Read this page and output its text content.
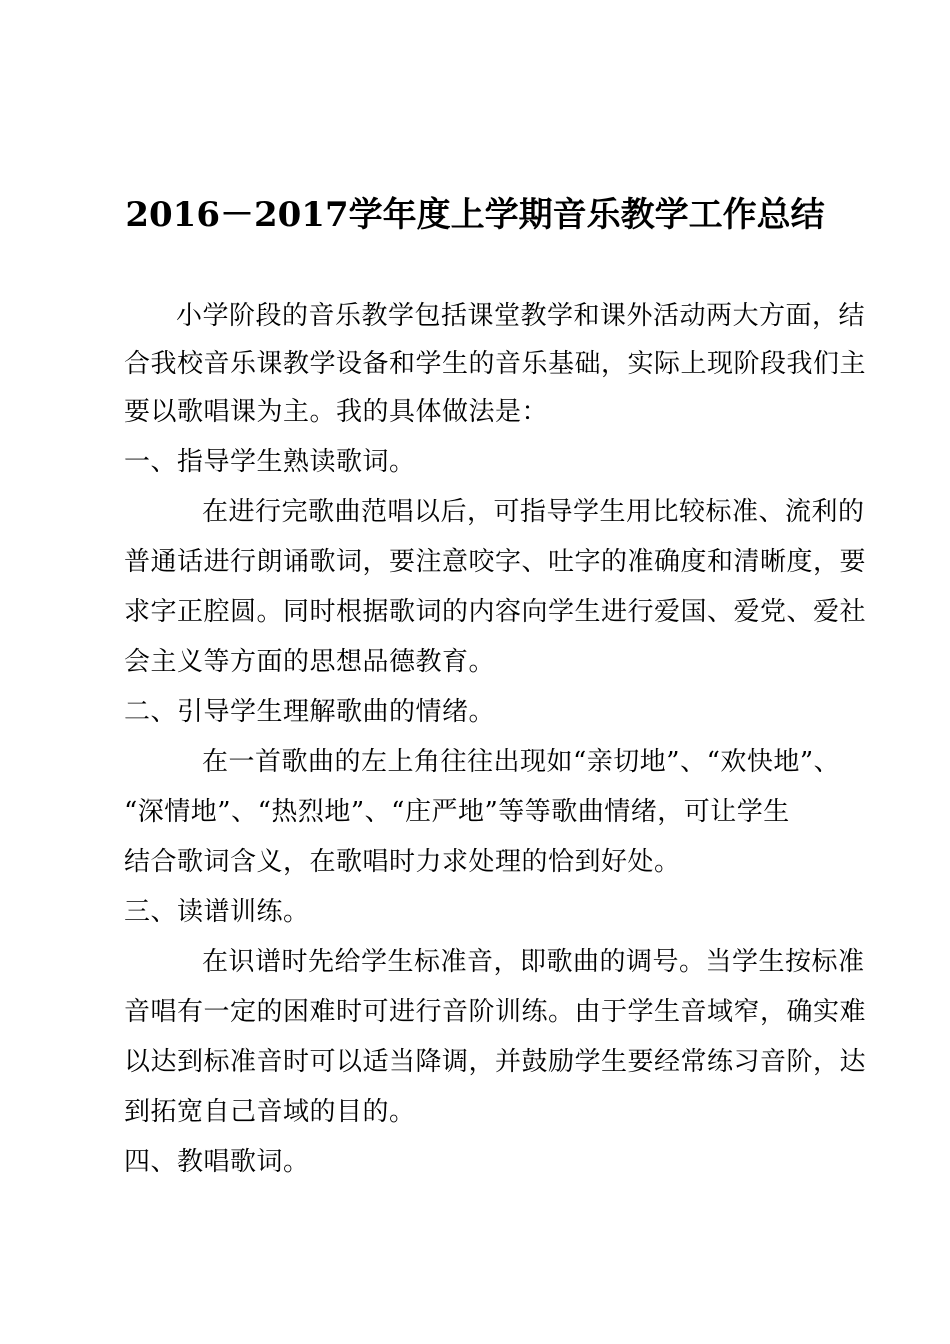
2016－2017学年度上学期音乐教学工作总结
小学阶段的音乐教学包括课堂教学和课外活动两大方面，结
合我校音乐课教学设备和学生的音乐基础，实际上现阶段我们主
要以歌唱课为主。我的具体做法是：
一、指导学生熟读歌词。
在进行完歌曲范唱以后，可指导学生用比较标准、流利的
普通话进行朗诵歌词，要注意咬字、吐字的准确度和清晰度，要
求字正腔圆。同时根据歌词的内容向学生进行爱国、爱党、爱社
会主义等方面的思想品德教育。
二、引导学生理解歌曲的情绪。
在一首歌曲的左上角往往出现如“亲切地”、“欢快地”、
“深情地”、“热烈地”、“庄严地”等等歌曲情绪，可让学生
结合歌词含义，在歌唱时力求处理的恰到好处。
三、读谱训练。
在识谱时先给学生标准音，即歌曲的调号。当学生按标准
音唱有一定的困难时可进行音阶训练。由于学生音域窄，确实难
以达到标准音时可以适当降调，并鼓励学生要经常练习音阶，达
到拓宽自己音域的目的。
四、教唱歌词。
